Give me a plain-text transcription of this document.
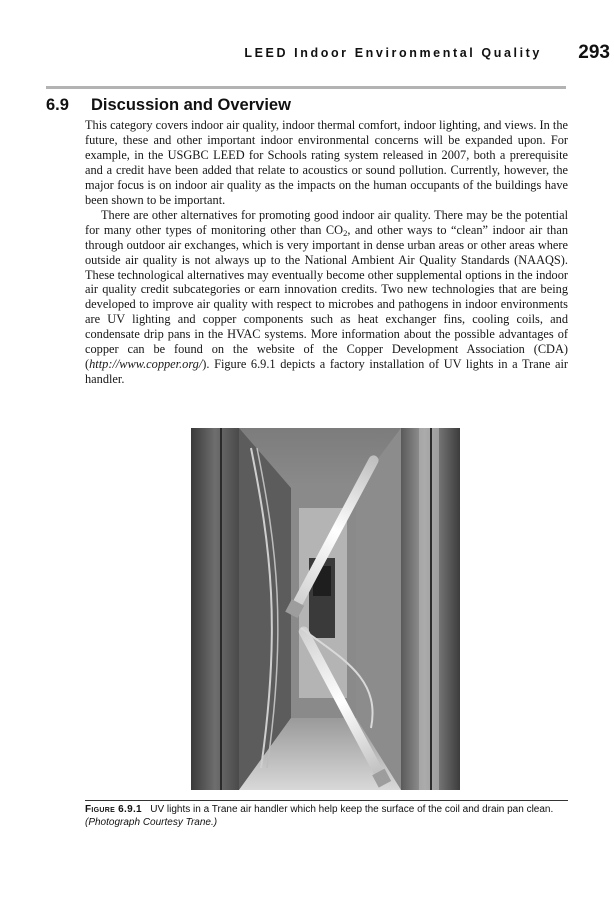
LEED Indoor Environmental Quality 293
6.9 Discussion and Overview

This category covers indoor air quality, indoor thermal comfort, indoor lighting, and views. In the future, these and other important indoor environmental concerns will be expanded upon. For example, in the USGBC LEED for Schools rating system released in 2007, both a prerequisite and a credit have been added that relate to acoustics or sound pollution. Currently, however, the major focus is on indoor air quality as the impacts on the human occupants of the buildings have been shown to be important.

There are other alternatives for promoting good indoor air quality. There may be the potential for many other types of monitoring other than $CO_2$, and other ways to “clean” indoor air than through outdoor air exchanges, which is very important in dense urban areas or other areas where outside air quality is not always up to the National Ambient Air Quality Standards (NAAQS). These technological alternatives may eventually become other supplemental options in the indoor air quality credit subcategories or earn innovation credits. Two new technologies that are being developed to improve air quality with respect to microbes and pathogens in indoor environments are UV lighting and copper components such as heat exchanger fins, cooling coils, and condensate drip pans in the HVAC systems. More information about the possible advantages of copper can be found on the website of the Copper Development Association (CDA) (http://www.copper.org/). Figure 6.9.1 depicts a factory installation of UV lights in a Trane air handler.

Figure 6.9.1 UV lights in a Trane air handler which help keep the surface of the coil and drain pan clean. (Photograph Courtesy Trane.)
